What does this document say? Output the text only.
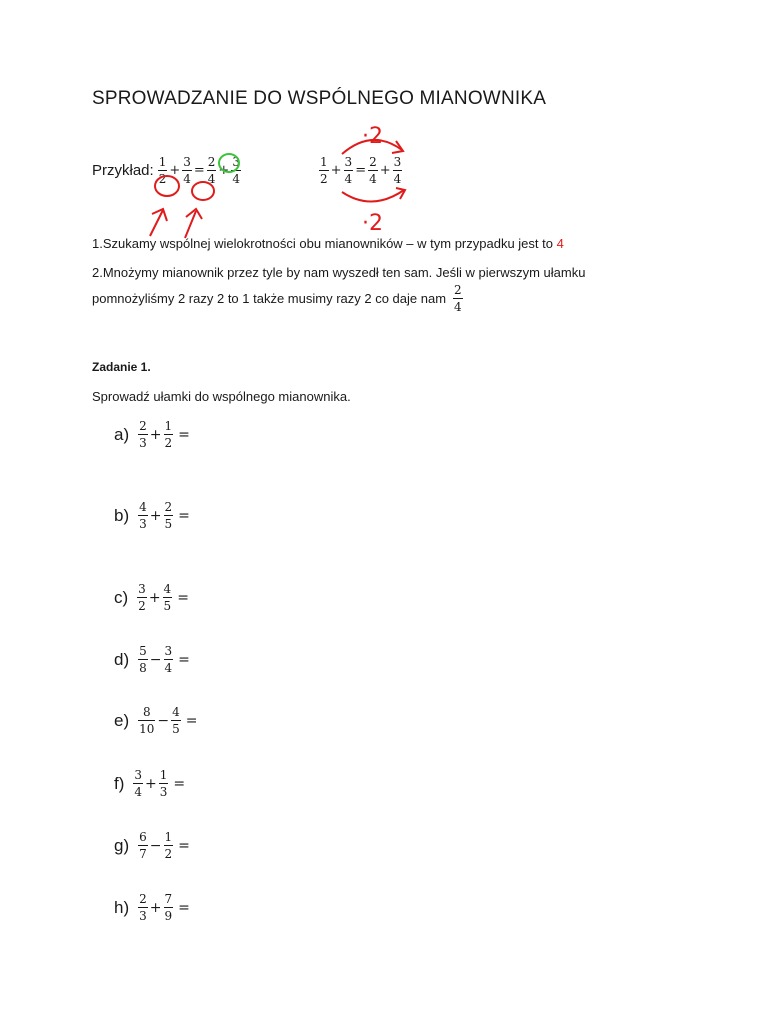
SPROWADZANIE DO WSPÓLNEGO MIANOWNIKA
Przykład: $\frac{1}{2} + \frac{3}{4} = \frac{2}{4} + \frac{3}{4}$	$\frac{1}{2} + \frac{3}{4} = \frac{2}{4} + \frac{3}{4}$
·2
·2
1.Szukamy wspólnej wielokrotności obu mianowników – w tym przypadku jest to 4
2.Mnożymy mianownik przez tyle by nam wyszedł ten sam. Jeśli w pierwszym ułamku
pomnożyliśmy 2 razy 2 to 1 także musimy razy 2 co daje nam $\frac{2}{4}$
Zadanie 1.
Sprowadź ułamki do wspólnego mianownika.
$a) \frac{2}{3} + \frac{1}{2}$ =
$b) \frac{4}{3} + \frac{2}{5}$ =
$c) \frac{3}{2} + \frac{4}{5}$ =
$d) \frac{5}{8} - \frac{3}{4}$ =
$e) \frac{8}{10} - \frac{4}{5}$ =
$f) \frac{3}{4} + \frac{1}{3}$ =
$g) \frac{6}{7} - \frac{1}{2}$ =
$h) \frac{2}{3} + \frac{7}{9}$ =
